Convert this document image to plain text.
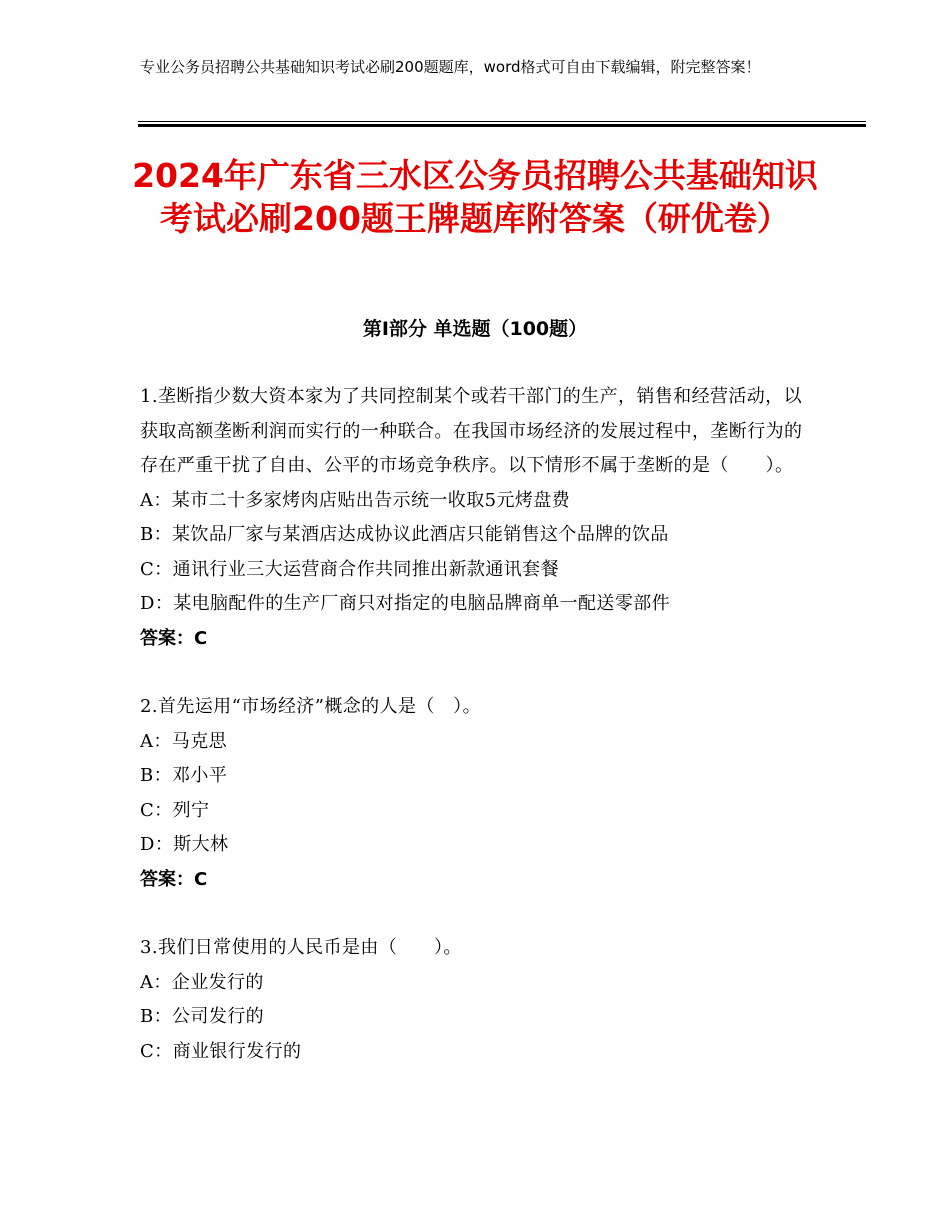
专业公务员招聘公共基础知识考试必刷200题题库，word格式可自由下载编辑，附完整答案！
2024年广东省三水区公务员招聘公共基础知识考试必刷200题王牌题库附答案（研优卷）
第Ⅰ部分 单选题（100题）
1.垄断指少数大资本家为了共同控制某个或若干部门的生产，销售和经营活动，以获取高额垄断利润而实行的一种联合。在我国市场经济的发展过程中，垄断行为的存在严重干扰了自由、公平的市场竞争秩序。以下情形不属于垄断的是（　　）。
A：某市二十多家烤肉店贴出告示统一收取5元烤盘费
B：某饮品厂家与某酒店达成协议此酒店只能销售这个品牌的饮品
C：通讯行业三大运营商合作共同推出新款通讯套餐
D：某电脑配件的生产厂商只对指定的电脑品牌商单一配送零部件
答案：C
2.首先运用“市场经济”概念的人是（　）。
A：马克思
B：邓小平
C：列宁
D：斯大林
答案：C
3.我们日常使用的人民币是由（　　）。
A：企业发行的
B：公司发行的
C：商业银行发行的
